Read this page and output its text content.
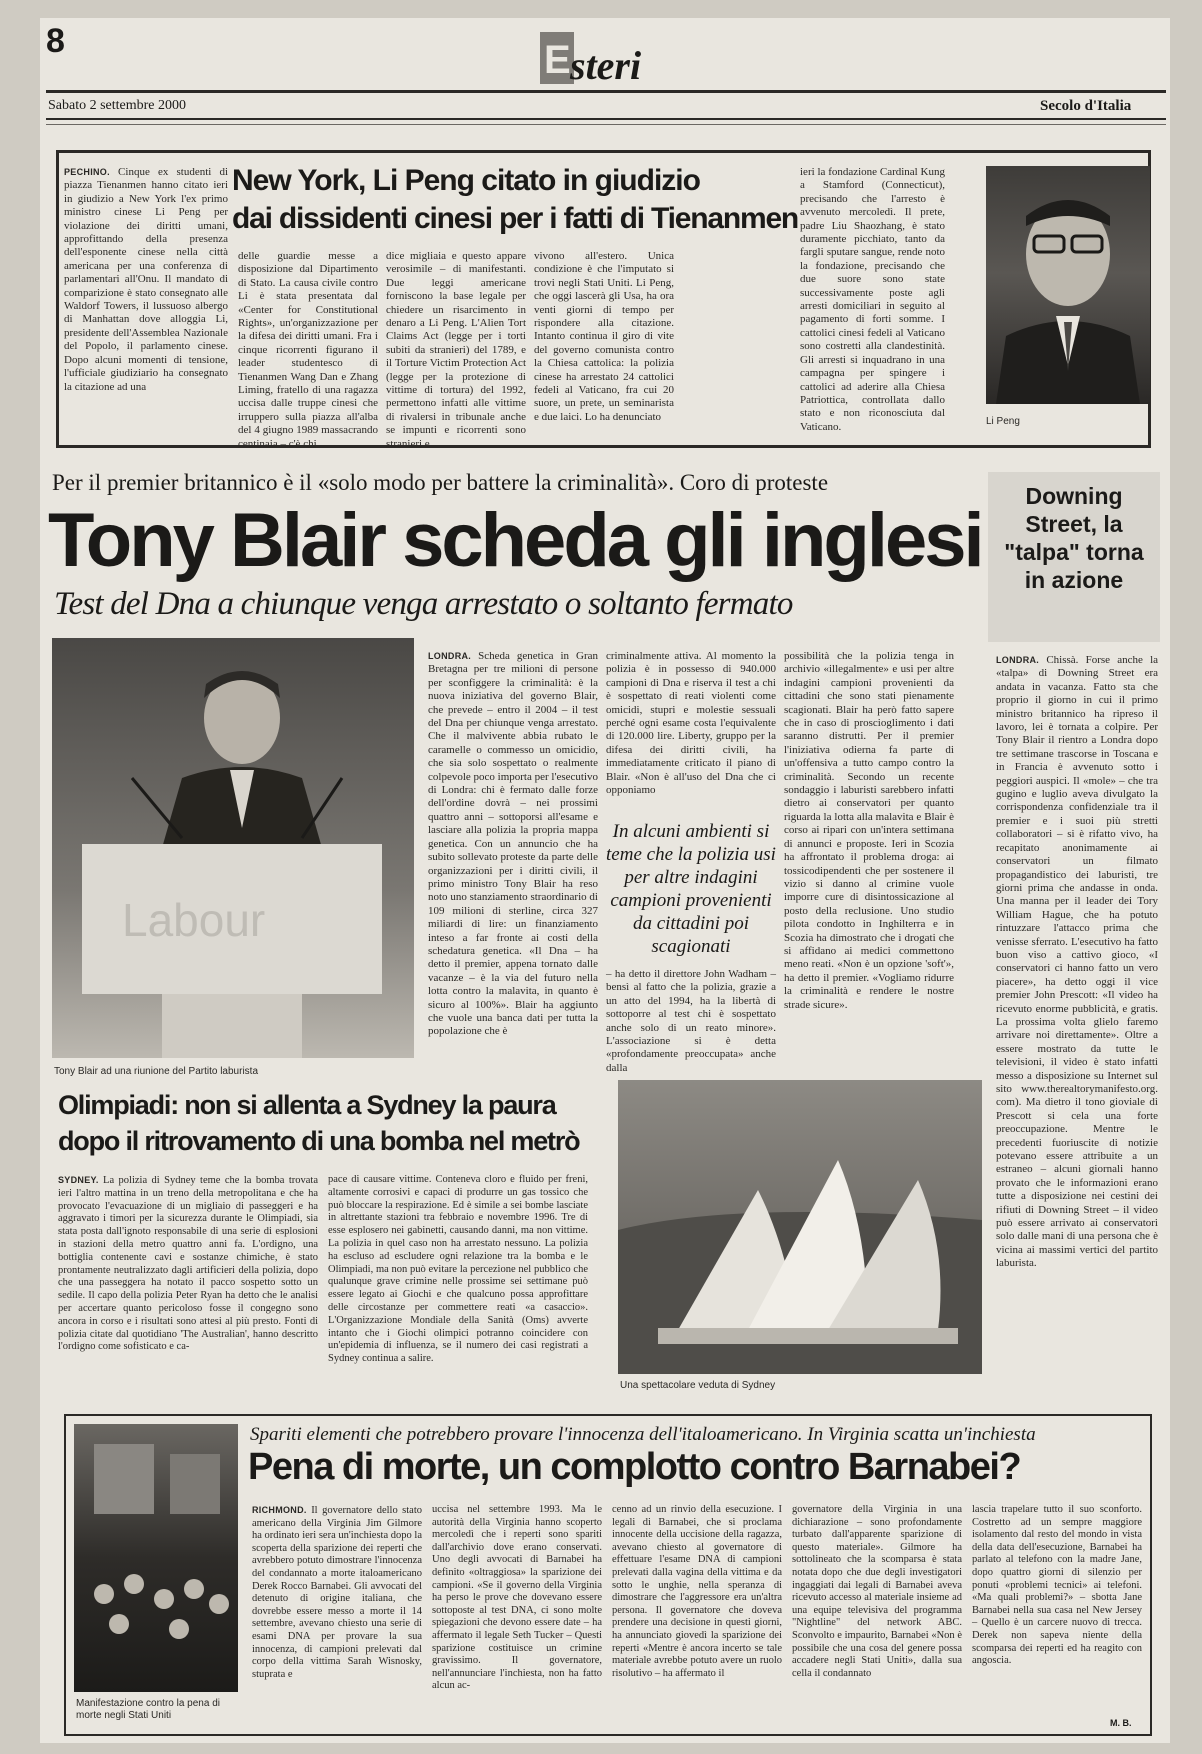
8	E steri
Sabato 2 settembre 2000	Secolo d'Italia
New York, Li Peng citato in giudizio
dai dissidenti cinesi per i fatti di Tienanmen
PECHINO. Cinque ex studenti di piazza Tienanmen hanno citato ieri in giudizio a New York l'ex primo ministro cinese Li Peng per violazione dei diritti umani, approfittando della presenza dell'esponente cinese nella città americana per una conferenza di parlamentari all'Onu. Il mandato di comparizione è stato consegnato alle Waldorf Towers, il lussuoso albergo di Manhattan dove alloggia Li, presidente dell'Assemblea Nazionale del Popolo, il parlamento cinese. Dopo alcuni momenti di tensione, l'ufficiale giudiziario ha consegnato la citazione ad una
delle guardie messe a disposizione dal Dipartimento di Stato. La causa civile contro Li è stata presentata dal «Center for Constitutional Rights», un'organizzazione per la difesa dei diritti umani. Fra i cinque ricorrenti figurano il leader studentesco di Tienanmen Wang Dan e Zhang Liming, fratello di una ragazza uccisa dalle truppe cinesi che irruppero sulla piazza all'alba del 4 giugno 1989 massacrando centinaia – c'è chi
dice migliaia e questo appare verosimile – di manifestanti. Due leggi americane forniscono la base legale per chiedere un risarcimento in denaro a Li Peng. L'Alien Tort Claims Act (legge per i torti subiti da stranieri) del 1789, e il Torture Victim Protection Act (legge per la protezione di vittime di tortura) del 1992, permettono infatti alle vittime di rivalersi in tribunale anche se impunti e ricorrenti sono stranieri e
vivono all'estero. Unica condizione è che l'imputato si trovi negli Stati Uniti. Li Peng, che oggi lascerà gli Usa, ha ora venti giorni di tempo per rispondere alla citazione. Intanto continua il giro di vite del governo comunista contro la Chiesa cattolica: la polizia cinese ha arrestato 24 cattolici fedeli al Vaticano, fra cui 20 suore, un prete, un seminarista e due laici. Lo ha denunciato
ieri la fondazione Cardinal Kung a Stamford (Connecticut), precisando che l'arresto è avvenuto mercoledì. Il prete, padre Liu Shaozhang, è stato duramente picchiato, tanto da fargli sputare sangue, rende noto la fondazione, precisando che due suore sono state successivamente poste agli arresti domiciliari in seguito al pagamento di forti somme. I cattolici cinesi fedeli al Vaticano sono costretti alla clandestinità. Gli arresti si inquadrano in una campagna per spingere i cattolici ad aderire alla Chiesa Patriottica, controllata dallo stato e non riconosciuta dal Vaticano.	Li Peng
Per il premier britannico è il «solo modo per battere la criminalità». Coro di proteste
Tony Blair scheda gli inglesi
Test del Dna a chiunque venga arrestato o soltanto fermato
Labour
Tony Blair ad una riunione del Partito laburista
LONDRA. Scheda genetica in Gran Bretagna per tre milioni di persone per sconfiggere la criminalità: è la nuova iniziativa del governo Blair, che prevede – entro il 2004 – il test del Dna per chiunque venga arrestato. Che il malvivente abbia rubato le caramelle o commesso un omicidio, che sia solo sospettato o realmente colpevole poco importa per l'esecutivo di Londra: chi è fermato dalle forze dell'ordine dovrà – nei prossimi quattro anni – sottoporsi all'esame e lasciare alla polizia la propria mappa genetica. Con un annuncio che ha subito sollevato proteste da parte delle organizzazioni per i diritti civili, il primo ministro Tony Blair ha reso noto uno stanziamento straordinario di 109 milioni di sterline, circa 327 miliardi di lire: un finanziamento inteso a far fronte ai costi della schedatura genetica. «Il Dna – ha detto il premier, appena tornato dalle vacanze – è la via del futuro nella lotta contro la malavita, in quanto è sicuro al 100%». Blair ha aggiunto che vuole una banca dati per tutta la popolazione che è
criminalmente attiva. Al momento la polizia è in possesso di 940.000 campioni di Dna e riserva il test a chi è sospettato di reati violenti come omicidi, stupri e molestie sessuali perché ogni esame costa l'equivalente di 120.000 lire. Liberty, gruppo per la difesa dei diritti civili, ha immediatamente criticato il piano di Blair. «Non è all'uso del Dna che ci opponiamo
In alcuni ambienti si teme che la polizia usi per altre indagini campioni provenienti da cittadini poi scagionati
– ha detto il direttore John Wadham – bensì al fatto che la polizia, grazie a un atto del 1994, ha la libertà di sottoporre al test chi è sospettato anche solo di un reato minore». L'associazione si è detta «profondamente preoccupata» anche dalla
possibilità che la polizia tenga in archivio «illegalmente» e usi per altre indagini campioni provenienti da cittadini che sono stati pienamente scagionati. Blair ha però fatto sapere che in caso di proscioglimento i dati saranno distrutti. Per il premier l'iniziativa odierna fa parte di un'offensiva a tutto campo contro la criminalità. Secondo un recente sondaggio i laburisti sarebbero infatti dietro ai conservatori per quanto riguarda la lotta alla malavita e Blair è corso ai ripari con un'intera settimana di annunci e proposte. Ieri in Scozia ha affrontato il problema droga: ai tossicodipendenti che per sostenere il vizio si danno al crimine vuole imporre cure di disintossicazione al posto della reclusione. Uno studio pilota condotto in Inghilterra e in Scozia ha dimostrato che i drogati che si affidano ai medici commettono meno reati. «Non è un opzione 'soft'», ha detto il premier. «Vogliamo ridurre la criminalità e rendere le nostre strade sicure».
Downing Street, la "talpa" torna in azione
LONDRA. Chissà. Forse anche la «talpa» di Downing Street era andata in vacanza. Fatto sta che proprio il giorno in cui il primo ministro britannico ha ripreso il lavoro, lei è tornata a colpire. Per Tony Blair il rientro a Londra dopo tre settimane trascorse in Toscana e in Francia è avvenuto sotto i peggiori auspici. Il «mole» – che tra gugino e luglio aveva divulgato la corrispondenza confidenziale tra il premier e i suoi più stretti collaboratori – si è rifatto vivo, ha recapitato anonimamente ai conservatori un filmato propagandistico dei laburisti, tre giorni prima che andasse in onda. Una manna per il leader dei Tory William Hague, che ha potuto rintuzzare l'attacco prima che venisse sferrato. L'esecutivo ha fatto buon viso a cattivo gioco, «I conservatori ci hanno fatto un vero piacere», ha detto oggi il vice premier John Prescott: «Il video ha ricevuto enorme pubblicità, e gratis. La prossima volta glielo faremo arrivare noi direttamente». Oltre a essere mostrato da tutte le televisioni, il video è stato infatti messo a disposizione su Internet sul sito www.therealtorymanifesto.org. com). Ma dietro il tono gioviale di Prescott si cela una forte preoccupazione. Mentre le precedenti fuoriuscite di notizie potevano essere attribuite a un estraneo – alcuni giornali hanno provato che le informazioni erano tutte a disposizione nei cestini dei rifiuti di Downing Street – il video può essere arrivato ai conservatori solo dalle mani di una persona che è vicina ai massimi vertici del partito laburista.
Olimpiadi: non si allenta a Sydney la paura
dopo il ritrovamento di una bomba nel metrò
SYDNEY. La polizia di Sydney teme che la bomba trovata ieri l'altro mattina in un treno della metropolitana e che ha provocato l'evacuazione di un migliaio di passeggeri e ha aggravato i timori per la sicurezza durante le Olimpiadi, sia stata posta dall'ignoto responsabile di una serie di esplosioni in stazioni della metro quattro anni fa. L'ordigno, una bottiglia contenente cavi e sostanze chimiche, è stato prontamente neutralizzato dagli artificieri della polizia, dopo che una passeggera ha notato il pacco sospetto sotto un sedile. Il capo della polizia Peter Ryan ha detto che le analisi per accertare quanto pericoloso fosse il congegno sono ancora in corso e i risultati sono attesi al più presto. Fonti di polizia citate dal quotidiano 'The Australian', hanno descritto l'ordigno come sofisticato e ca-
pace di causare vittime. Conteneva cloro e fluido per freni, altamente corrosivi e capaci di produrre un gas tossico che può bloccare la respirazione. Ed è simile a sei bombe lasciate in altrettante stazioni tra febbraio e novembre 1996. Tre di esse esplosero nei gabinetti, causando danni, ma non vittime. La polizia in quel caso non ha arrestato nessuno. La polizia ha escluso ad escludere ogni relazione tra la bomba e le Olimpiadi, ma non può evitare la percezione nel pubblico che qualunque grave crimine nelle prossime sei settimane può essere legato ai Giochi e che qualcuno possa approfittare delle circostanze per commettere reati «a casaccio». L'Organizzazione Mondiale della Sanità (Oms) avverte intanto che i Giochi olimpici potranno coincidere con un'epidemia di influenza, se il numero dei casi registrati a Sydney continua a salire.
Una spettacolare veduta di Sydney
Spariti elementi che potrebbero provare l'innocenza dell'italoamericano. In Virginia scatta un'inchiesta
Pena di morte, un complotto contro Barnabei?
Manifestazione contro la pena di morte negli Stati Uniti
RICHMOND. Il governatore dello stato americano della Virginia Jim Gilmore ha ordinato ieri sera un'inchiesta dopo la scoperta della sparizione dei reperti che avrebbero potuto dimostrare l'innocenza del condannato a morte italoamericano Derek Rocco Barnabei. Gli avvocati del detenuto di origine italiana, che dovrebbe essere messo a morte il 14 settembre, avevano chiesto una serie di esami DNA per provare la sua innocenza, di campioni prelevati dal corpo della vittima Sarah Wisnosky, stuprata e
uccisa nel settembre 1993. Ma le autorità della Virginia hanno scoperto mercoledì che i reperti sono spariti dall'archivio dove erano conservati. Uno degli avvocati di Barnabei ha definito «oltraggiosa» la sparizione dei campioni. «Se il governo della Virginia ha perso le prove che dovevano essere sottoposte al test DNA, ci sono molte spiegazioni che devono essere date – ha affermato il legale Seth Tucker – Questi sparizione costituisce un crimine gravissimo. Il governatore, nell'annunciare l'inchiesta, non ha fatto alcun ac-
cenno ad un rinvio della esecuzione. I legali di Barnabei, che si proclama innocente della uccisione della ragazza, avevano chiesto al governatore di effettuare l'esame DNA di campioni prelevati dalla vagina della vittima e da sotto le unghie, nella speranza di dimostrare che l'aggressore era un'altra persona. Il governatore che doveva prendere una decisione in questi giorni, ha annunciato giovedì la sparizione dei reperti «Mentre è ancora incerto se tale materiale avrebbe potuto avere un ruolo risolutivo – ha affermato il
governatore della Virginia in una dichiarazione – sono profondamente turbato dall'apparente sparizione di questo materiale». Gilmore ha sottolineato che la scomparsa è stata notata dopo che due degli investigatori ingaggiati dai legali di Barnabei aveva ricevuto accesso al materiale insieme ad una equipe televisiva del programma "Nightline" del network ABC. Sconvolto e impaurito, Barnabei «Non è possibile che una cosa del genere possa accadere negli Stati Uniti», dalla sua cella il condannato
lascia trapelare tutto il suo sconforto. Costretto ad un sempre maggiore isolamento dal resto del mondo in vista della data dell'esecuzione, Barnabei ha parlato al telefono con la madre Jane, dopo quattro giorni di silenzio per ponuti «problemi tecnici» ai telefoni. «Ma quali problemi?» – sbotta Jane Barnabei nella sua casa nel New Jersey – Quello è un carcere nuovo di trecca. Derek non sapeva niente della scomparsa dei reperti ed ha reagito con angoscia.
M. B.
